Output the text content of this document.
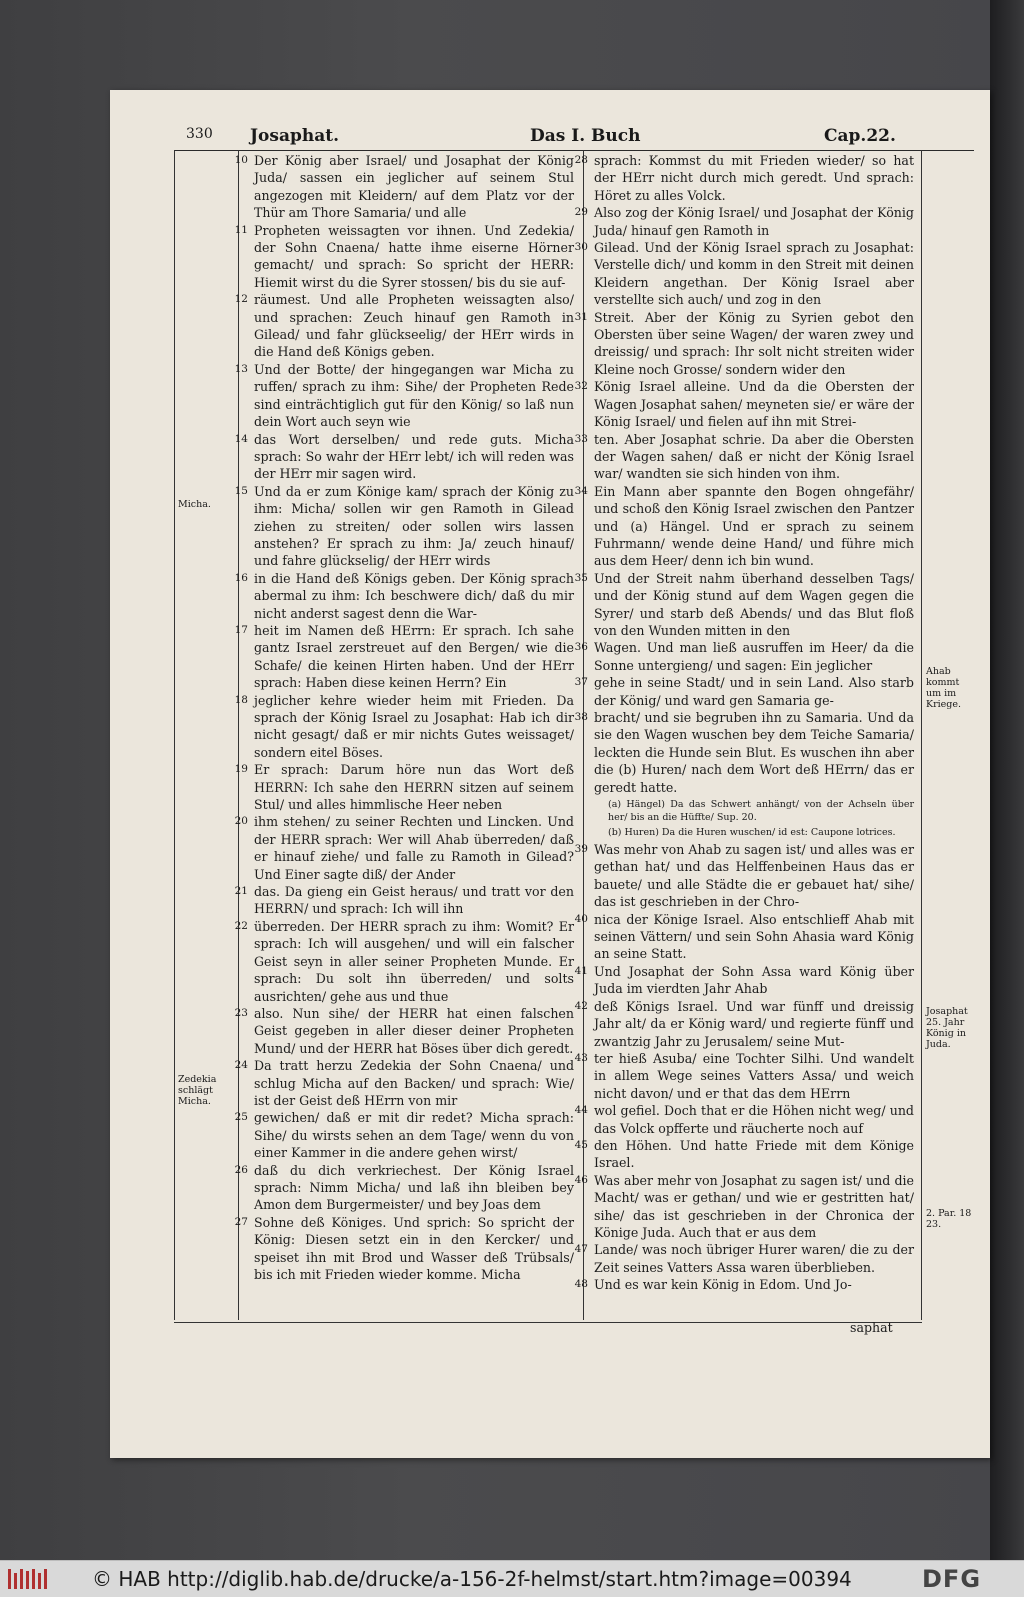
330 Josaphat.	Das I. Buch	Cap.22.
Micha.
Zedekia schlägt Micha.
Ahab kommt um im Kriege.
Josaphat 25. Jahr König in Juda.
2. Par. 18 23.

10 Der König aber Israel/ und Josaphat der König Juda/ sassen ein jeglicher auf seinem Stul angezogen mit Kleidern/ auf dem Platz vor der Thür am Thore Samaria/ und alle

11 Propheten weissagten vor ihnen. Und Zedekia/ der Sohn Cnaena/ hatte ihme eiserne Hörner gemacht/ und sprach: So spricht der HERR: Hiemit wirst du die Syrer stossen/ bis du sie auf-

12 räumest. Und alle Propheten weissagten also/ und sprachen: Zeuch hinauf gen Ramoth in Gilead/ und fahr glückseelig/ der HErr wirds in die Hand deß Königs geben.

13 Und der Botte/ der hingegangen war Micha zu ruffen/ sprach zu ihm: Sihe/ der Propheten Rede sind einträchtiglich gut für den König/ so laß nun dein Wort auch seyn wie

14 das Wort derselben/ und rede guts. Micha sprach: So wahr der HErr lebt/ ich will reden was der HErr mir sagen wird.

15 Und da er zum Könige kam/ sprach der König zu ihm: Micha/ sollen wir gen Ramoth in Gilead ziehen zu streiten/ oder sollen wirs lassen anstehen? Er sprach zu ihm: Ja/ zeuch hinauf/ und fahre glückselig/ der HErr wirds

16 in die Hand deß Königs geben. Der König sprach abermal zu ihm: Ich beschwere dich/ daß du mir nicht anderst sagest denn die War-

17 heit im Namen deß HErrn: Er sprach. Ich sahe gantz Israel zerstreuet auf den Bergen/ wie die Schafe/ die keinen Hirten haben. Und der HErr sprach: Haben diese keinen Herrn? Ein

18 jeglicher kehre wieder heim mit Frieden. Da sprach der König Israel zu Josaphat: Hab ich dir nicht gesagt/ daß er mir nichts Gutes weissaget/ sondern eitel Böses.

19 Er sprach: Darum höre nun das Wort deß HERRN: Ich sahe den HERRN sitzen auf seinem Stul/ und alles himmlische Heer neben

20 ihm stehen/ zu seiner Rechten und Lincken. Und der HERR sprach: Wer will Ahab überreden/ daß er hinauf ziehe/ und falle zu Ramoth in Gilead? Und Einer sagte diß/ der Ander

21 das. Da gieng ein Geist heraus/ und tratt vor den HERRN/ und sprach: Ich will ihn

22 überreden. Der HERR sprach zu ihm: Womit? Er sprach: Ich will ausgehen/ und will ein falscher Geist seyn in aller seiner Propheten Munde. Er sprach: Du solt ihn überreden/ und solts ausrichten/ gehe aus und thue

23 also. Nun sihe/ der HERR hat einen falschen Geist gegeben in aller dieser deiner Propheten Mund/ und der HERR hat Böses über dich geredt.

24 Da tratt herzu Zedekia der Sohn Cnaena/ und schlug Micha auf den Backen/ und sprach: Wie/ ist der Geist deß HErrn von mir

25 gewichen/ daß er mit dir redet? Micha sprach: Sihe/ du wirsts sehen an dem Tage/ wenn du von einer Kammer in die andere gehen wirst/

26 daß du dich verkriechest. Der König Israel sprach: Nimm Micha/ und laß ihn bleiben bey Amon dem Burgermeister/ und bey Joas dem

27 Sohne deß Königes. Und sprich: So spricht der König: Diesen setzt ein in den Kercker/ und speiset ihn mit Brod und Wasser deß Trübsals/ bis ich mit Frieden wieder komme. Micha

28 sprach: Kommst du mit Frieden wieder/ so hat der HErr nicht durch mich geredt. Und sprach: Höret zu alles Volck.

29 Also zog der König Israel/ und Josaphat der König Juda/ hinauf gen Ramoth in

30 Gilead. Und der König Israel sprach zu Josaphat: Verstelle dich/ und komm in den Streit mit deinen Kleidern angethan. Der König Israel aber verstellte sich auch/ und zog in den

31 Streit. Aber der König zu Syrien gebot den Obersten über seine Wagen/ der waren zwey und dreissig/ und sprach: Ihr solt nicht streiten wider Kleine noch Grosse/ sondern wider den

32 König Israel alleine. Und da die Obersten der Wagen Josaphat sahen/ meyneten sie/ er wäre der König Israel/ und fielen auf ihn mit Strei-

33 ten. Aber Josaphat schrie. Da aber die Obersten der Wagen sahen/ daß er nicht der König Israel war/ wandten sie sich hinden von ihm.

34 Ein Mann aber spannte den Bogen ohngefähr/ und schoß den König Israel zwischen den Pantzer und (a) Hängel. Und er sprach zu seinem Fuhrmann/ wende deine Hand/ und führe mich aus dem Heer/ denn ich bin wund.

35 Und der Streit nahm überhand desselben Tags/ und der König stund auf dem Wagen gegen die Syrer/ und starb deß Abends/ und das Blut floß von den Wunden mitten in den

36 Wagen. Und man ließ ausruffen im Heer/ da die Sonne untergieng/ und sagen: Ein jeglicher

37 gehe in seine Stadt/ und in sein Land. Also starb der König/ und ward gen Samaria ge-

38 bracht/ und sie begruben ihn zu Samaria. Und da sie den Wagen wuschen bey dem Teiche Samaria/ leckten die Hunde sein Blut. Es wuschen ihn aber die (b) Huren/ nach dem Wort deß HErrn/ das er geredt hatte.

(a) Hängel) Da das Schwert anhängt/ von der Achseln über her/ bis an die Hüffte/ Sup. 20.

(b) Huren) Da die Huren wuschen/ id est: Caupone lotrices.

39 Was mehr von Ahab zu sagen ist/ und alles was er gethan hat/ und das Helffenbeinen Haus das er bauete/ und alle Städte die er gebauet hat/ sihe/ das ist geschrieben in der Chro-

40 nica der Könige Israel. Also entschlieff Ahab mit seinen Vättern/ und sein Sohn Ahasia ward König an seine Statt.

41 Und Josaphat der Sohn Assa ward König über Juda im vierdten Jahr Ahab

42 deß Königs Israel. Und war fünff und dreissig Jahr alt/ da er König ward/ und regierte fünff und zwantzig Jahr zu Jerusalem/ seine Mut-

43 ter hieß Asuba/ eine Tochter Silhi. Und wandelt in allem Wege seines Vatters Assa/ und weich nicht davon/ und er that das dem HErrn

44 wol gefiel. Doch that er die Höhen nicht weg/ und das Volck opfferte und räucherte noch auf

45 den Höhen. Und hatte Friede mit dem Könige Israel.

46 Was aber mehr von Josaphat zu sagen ist/ und die Macht/ was er gethan/ und wie er gestritten hat/ sihe/ das ist geschrieben in der Chronica der Könige Juda. Auch that er aus dem

47 Lande/ was noch übriger Hurer waren/ die zu der Zeit seines Vatters Assa waren überblieben.

48 Und es war kein König in Edom. Und Jo-

saphat
© HAB http://diglib.hab.de/drucke/a-156-2f-helmst/start.htm?image=00394	DFG
